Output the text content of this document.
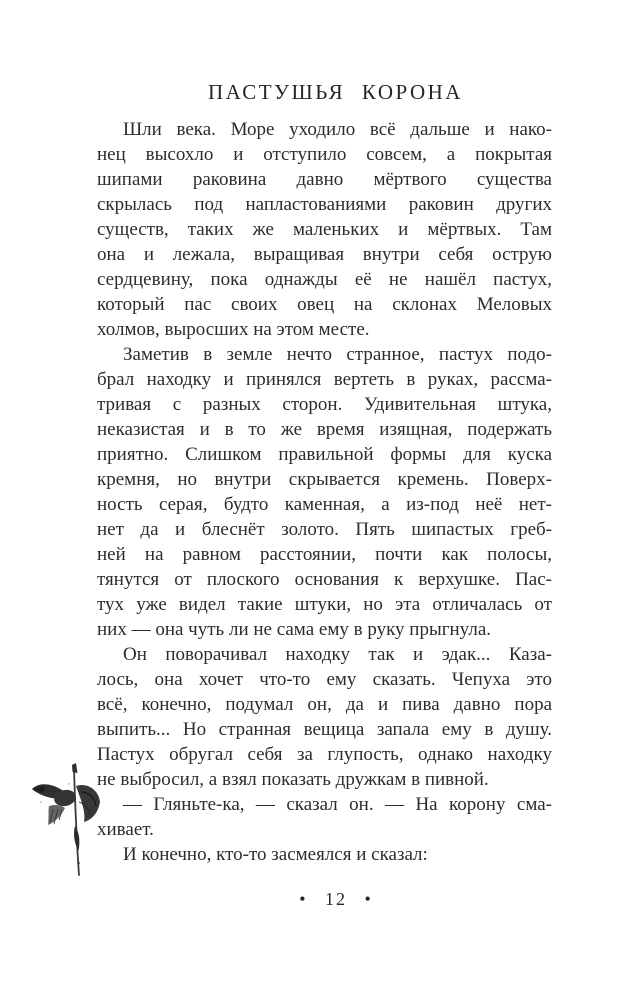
ПАСТУШЬЯ КОРОНА
Шли века. Море уходило всё дальше и нако-
нец высохло и отступило совсем, а покрытая
шипами раковина давно мёртвого существа
скрылась под напластованиями раковин других
существ, таких же маленьких и мёртвых. Там
она и лежала, выращивая внутри себя острую
сердцевину, пока однажды её не нашёл пастух,
который пас своих овец на склонах Меловых
холмов, выросших на этом месте.
Заметив в земле нечто странное, пастух подо-
брал находку и принялся вертеть в руках, рассма-
тривая с разных сторон. Удивительная штука,
неказистая и в то же время изящная, подержать
приятно. Слишком правильной формы для куска
кремня, но внутри скрывается кремень. Поверх-
ность серая, будто каменная, а из-под неё нет-
нет да и блеснёт золото. Пять шипастых греб-
ней на равном расстоянии, почти как полосы,
тянутся от плоского основания к верхушке. Пас-
тух уже видел такие штуки, но эта отличалась от
них — она чуть ли не сама ему в руку прыгнула.
Он поворачивал находку так и эдак... Каза-
лось, она хочет что-то ему сказать. Чепуха это
всё, конечно, подумал он, да и пива давно пора
выпить... Но странная вещица запала ему в душу.
Пастух обругал себя за глупость, однако находку
не выбросил, а взял показать дружкам в пивной.
— Гляньте-ка, — сказал он. — На корону сма-
хивает.
И конечно, кто-то засмеялся и сказал:
• 12 •
